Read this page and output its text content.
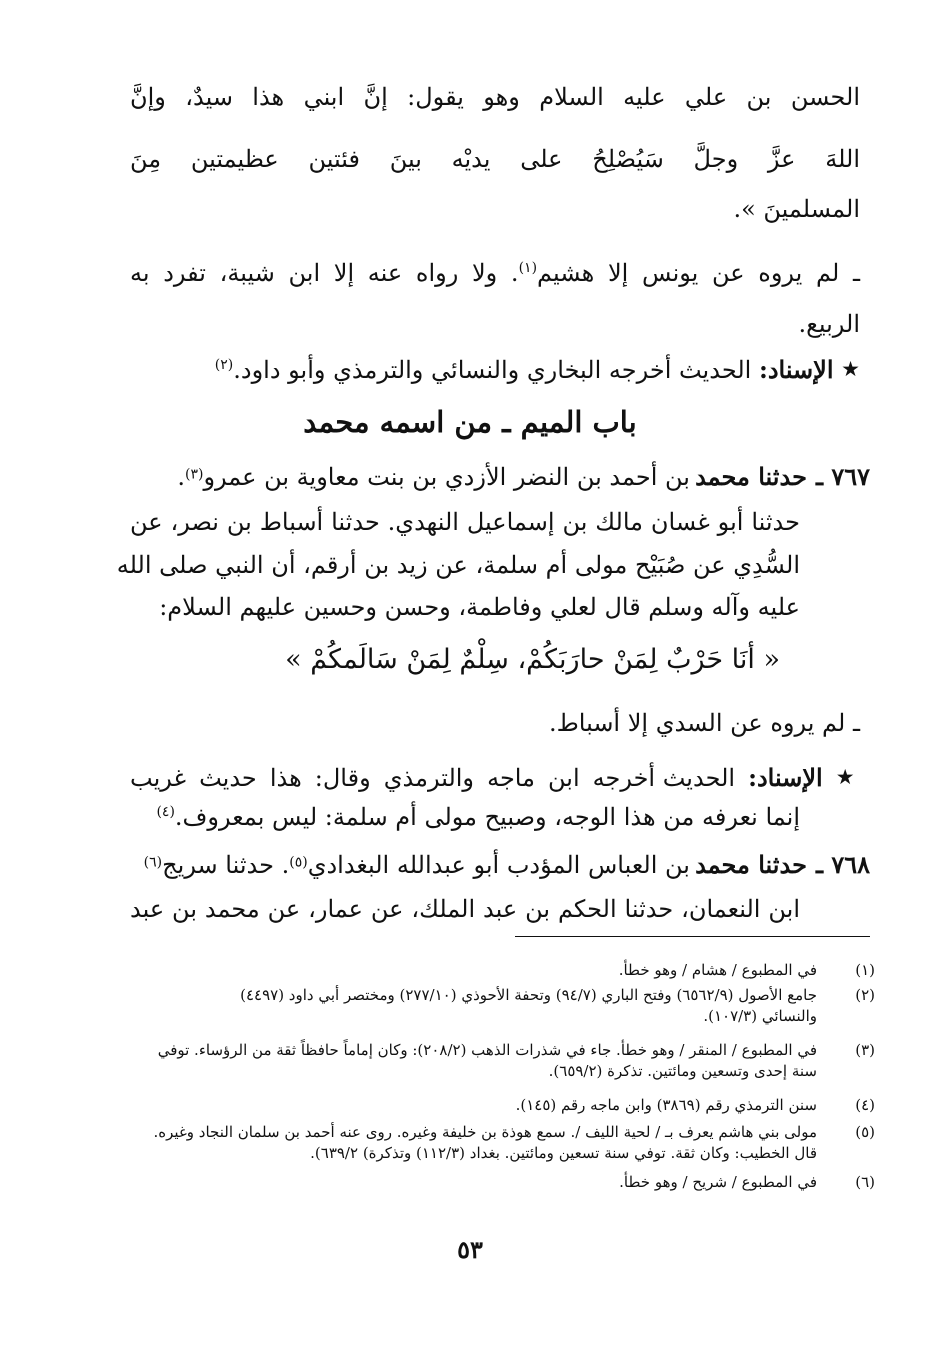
الحسن بن علي عليه السلام وهو يقول: إنَّ ابني هذا سيدٌ، وإنَّ
اللهَ عزَّ وجلَّ سَيُصْلِحُ على يديْه بينَ فئتين عظيمتين مِنَ
المسلمينَ ».
ـ لم يروه عن يونس إلا هشيم$^{(١)}$. ولا رواه عنه إلا ابن شيبة، تفرد به
الربيع.
★ الإسناد: الحديث أخرجه البخاري والنسائي والترمذي وأبو داود.$^{(٢)}$
باب الميم ـ من اسمه محمد
٧٦٧ ـ حدثنا محمد بن أحمد بن النضر الأزدي بن بنت معاوية بن عمرو$^{(٣)}$.
حدثنا أبو غسان مالك بن إسماعيل النهدي. حدثنا أسباط بن نصر، عن
السُّدِي عن صُبَيْح مولى أم سلمة، عن زيد بن أرقم، أن النبي صلى الله
عليه وآله وسلم قال لعلي وفاطمة، وحسن وحسين عليهم السلام:
« أنَا حَرْبٌ لِمَنْ حارَبَكُمْ، سِلْمٌ لِمَنْ سَالَمكُمْ »
ـ لم يروه عن السدي إلا أسباط.
★ الإسناد: الحديث أخرجه ابن ماجه والترمذي وقال: هذا حديث غريب
إنما نعرفه من هذا الوجه، وصبيح مولى أم سلمة: ليس بمعروف.$^{(٤)}$
٧٦٨ ـ حدثنا محمد بن العباس المؤدب أبو عبدالله البغدادي$^{(٥)}$. حدثنا سريج$^{(٦)}$
ابن النعمان، حدثنا الحكم بن عبد الملك، عن عمار، عن محمد بن عبد
(١)
في المطبوع / هشام / وهو خطأ.
(٢)
جامع الأصول (٦٥٦٢/٩) وفتح الباري (٩٤/٧) وتحفة الأحوذي (٢٧٧/١٠) ومختصر أبي داود (٤٤٩٧)
والنسائي (١٠٧/٣).
(٣)
في المطبوع / المنقر / وهو خطأ. جاء في شذرات الذهب (٢٠٨/٢): وكان إماماً حافظاً ثقة من الرؤساء. توفي
سنة إحدى وتسعين ومائتين. تذكرة (٦٥٩/٢).
(٤)
سنن الترمذي رقم (٣٨٦٩) وابن ماجه رقم (١٤٥).
(٥)
مولى بني هاشم يعرف بـ / لحية الليف /. سمع هوذة بن خليفة وغيره. روى عنه أحمد بن سلمان النجاد وغيره.
قال الخطيب: وكان ثقة. توفي سنة تسعين ومائتين. بغداد (١١٢/٣) وتذكرة) ٦٣٩/٢).
(٦)
في المطبوع / شريح / وهو خطأ.
٥٣
